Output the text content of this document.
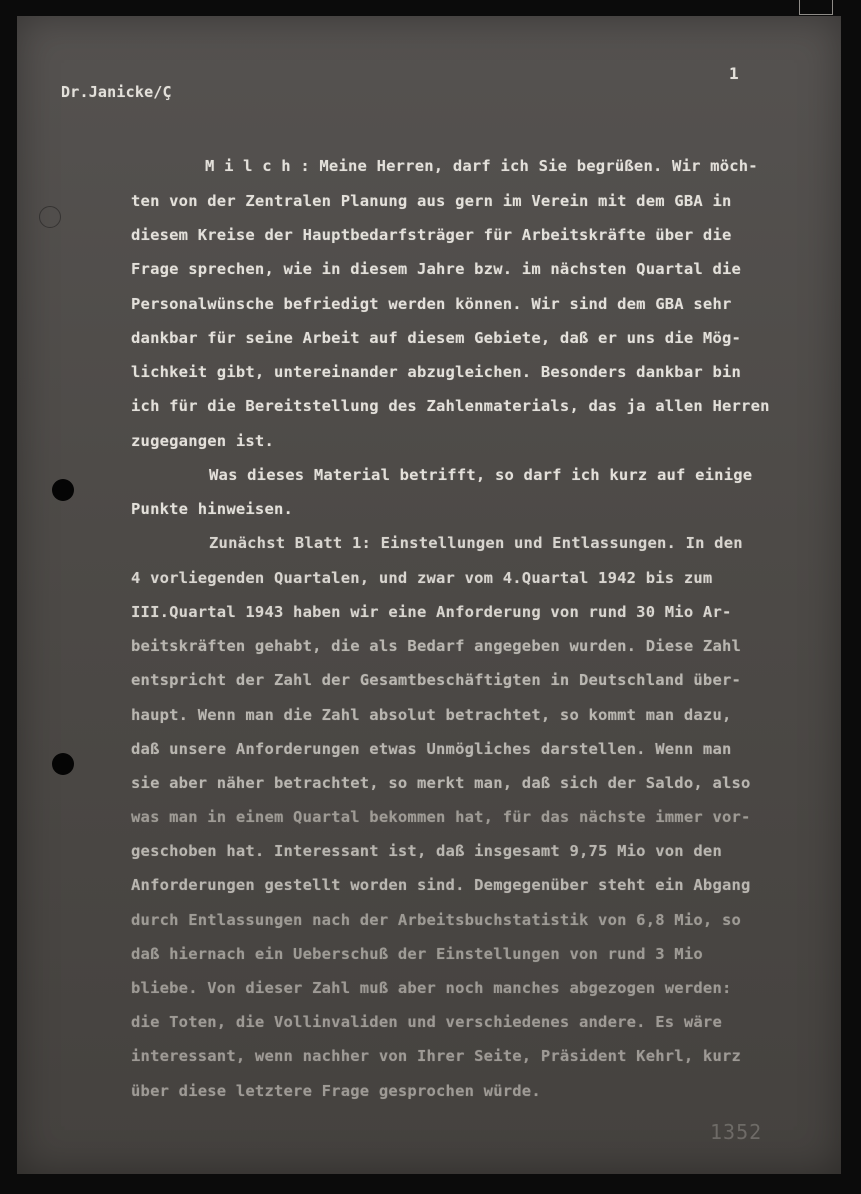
Dr.Janicke/Ç
1
M i l c h : Meine Herren, darf ich Sie begrüßen. Wir möch-
ten von der Zentralen Planung aus gern im Verein mit dem GBA in
diesem Kreise der Hauptbedarfsträger für Arbeitskräfte über die
Frage sprechen, wie in diesem Jahre bzw. im nächsten Quartal die
Personalwünsche befriedigt werden können. Wir sind dem GBA sehr
dankbar für seine Arbeit auf diesem Gebiete, daß er uns die Mög-
lichkeit gibt, untereinander abzugleichen. Besonders dankbar bin
ich für die Bereitstellung des Zahlenmaterials, das ja allen Herren
zugegangen ist.
Was dieses Material betrifft, so darf ich kurz auf einige
Punkte hinweisen.
Zunächst Blatt 1: Einstellungen und Entlassungen. In den
4 vorliegenden Quartalen, und zwar vom 4.Quartal 1942 bis zum
III.Quartal 1943 haben wir eine Anforderung von rund 30 Mio Ar-
beitskräften gehabt, die als Bedarf angegeben wurden. Diese Zahl
entspricht der Zahl der Gesamtbeschäftigten in Deutschland über-
haupt. Wenn man die Zahl absolut betrachtet, so kommt man dazu,
daß unsere Anforderungen etwas Unmögliches darstellen. Wenn man
sie aber näher betrachtet, so merkt man, daß sich der Saldo, also
was man in einem Quartal bekommen hat, für das nächste immer vor-
geschoben hat. Interessant ist, daß insgesamt 9,75 Mio von den
Anforderungen gestellt worden sind. Demgegenüber steht ein Abgang
durch Entlassungen nach der Arbeitsbuchstatistik von 6,8 Mio, so
daß hiernach ein Ueberschuß der Einstellungen von rund 3 Mio
bliebe. Von dieser Zahl muß aber noch manches abgezogen werden:
die Toten, die Vollinvaliden und verschiedenes andere. Es wäre
interessant, wenn nachher von Ihrer Seite, Präsident Kehrl, kurz
über diese letztere Frage gesprochen würde.
1352
